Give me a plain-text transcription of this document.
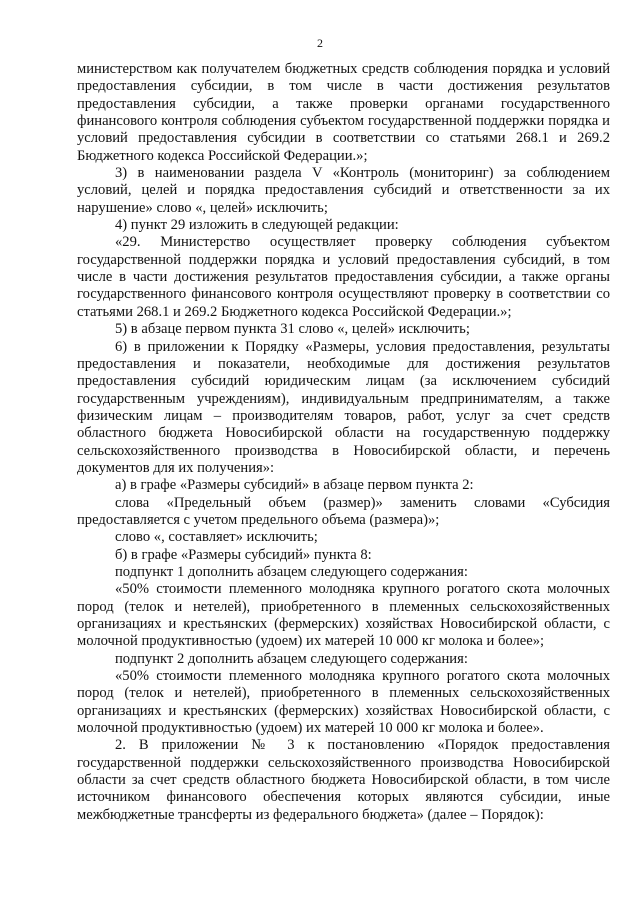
2

министерством как получателем бюджетных средств соблюдения порядка и условий предоставления субсидии, в том числе в части достижения результатов предоставления субсидии, а также проверки органами государственного финансового контроля соблюдения субъектом государственной поддержки порядка и условий предоставления субсидии в соответствии со статьями 268.1 и 269.2 Бюджетного кодекса Российской Федерации.»;

3) в наименовании раздела V «Контроль (мониторинг) за соблюдением условий, целей и порядка предоставления субсидий и ответственности за их нарушение» слово «, целей» исключить;

4) пункт 29 изложить в следующей редакции:

«29. Министерство осуществляет проверку соблюдения субъектом государственной поддержки порядка и условий предоставления субсидий, в том числе в части достижения результатов предоставления субсидии, а также органы государственного финансового контроля осуществляют проверку в соответствии со статьями 268.1 и 269.2 Бюджетного кодекса Российской Федерации.»;

5) в абзаце первом пункта 31 слово «, целей» исключить;

6) в приложении к Порядку «Размеры, условия предоставления, результаты предоставления и показатели, необходимые для достижения результатов предоставления субсидий юридическим лицам (за исключением субсидий государственным учреждениям), индивидуальным предпринимателям, а также физическим лицам – производителям товаров, работ, услуг за счет средств областного бюджета Новосибирской области на государственную поддержку сельскохозяйственного производства в Новосибирской области, и перечень документов для их получения»:

а) в графе «Размеры субсидий» в абзаце первом пункта 2:

слова «Предельный объем (размер)» заменить словами «Субсидия предоставляется с учетом предельного объема (размера)»;

слово «, составляет» исключить;

б) в графе «Размеры субсидий» пункта 8:

подпункт 1 дополнить абзацем следующего содержания:

«50% стоимости племенного молодняка крупного рогатого скота молочных пород (телок и нетелей), приобретенного в племенных сельскохозяйственных организациях и крестьянских (фермерских) хозяйствах Новосибирской области, с молочной продуктивностью (удоем) их матерей 10 000 кг молока и более»;

подпункт 2 дополнить абзацем следующего содержания:

«50% стоимости племенного молодняка крупного рогатого скота молочных пород (телок и нетелей), приобретенного в племенных сельскохозяйственных организациях и крестьянских (фермерских) хозяйствах Новосибирской области, с молочной продуктивностью (удоем) их матерей 10 000 кг молока и более».

2. В приложении № 3 к постановлению «Порядок предоставления государственной поддержки сельскохозяйственного производства Новосибирской области за счет средств областного бюджета Новосибирской области, в том числе источником финансового обеспечения которых являются субсидии, иные межбюджетные трансферты из федерального бюджета» (далее – Порядок):
